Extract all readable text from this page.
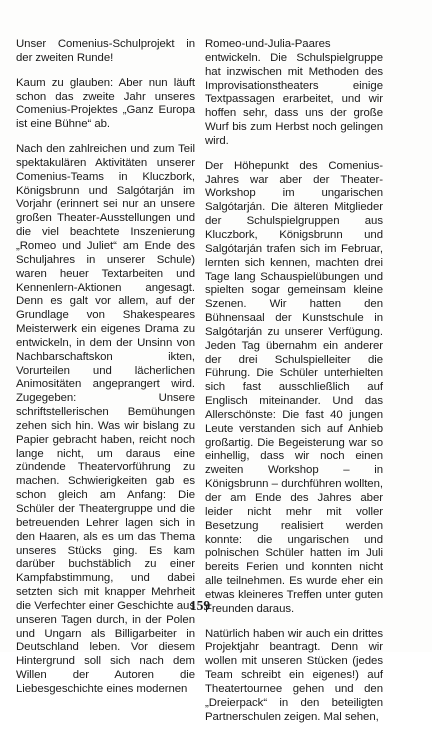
Unser Comenius-Schulprojekt in der zweiten Runde!

Kaum zu glauben: Aber nun läuft schon das zweite Jahr unseres Comenius-Projektes „Ganz Europa ist eine Bühne“ ab.

Nach den zahlreichen und zum Teil spektakulären Aktivitäten unserer Comenius-Teams in Kluczbork, Königsbrunn und Salgótarján im Vorjahr (erinnert sei nur an unsere großen Theater-Ausstellungen und die viel beachtete Inszenierung „Romeo und Juliet“ am Ende des Schuljahres in unserer Schule) waren heuer Textarbeiten und Kennenlern-Aktionen angesagt. Denn es galt vor allem, auf der Grundlage von Shakespeares Meisterwerk ein eigenes Drama zu entwickeln, in dem der Unsinn von Nachbarschaftskon ikten, Vorurteilen und lächerlichen Animositäten angeprangert wird. Zugegeben: Unsere schriftstellerischen Bemühungen zehen sich hin. Was wir bislang zu Papier gebracht haben, reicht noch lange nicht, um daraus eine zündende Theatervorführung zu machen. Schwierigkeiten gab es schon gleich am Anfang: Die Schüler der Theatergruppe und die betreuenden Lehrer lagen sich in den Haaren, als es um das Thema unseres Stücks ging. Es kam darüber buchstäblich zu einer Kampfabstimmung, und dabei setzten sich mit knapper Mehrheit die Verfechter einer Geschichte aus unseren Tagen durch, in der Polen und Ungarn als Billigarbeiter in Deutschland leben. Vor diesem Hintergrund soll sich nach dem Willen der Autoren die Liebesgeschichte eines modernen

Romeo-und-Julia-Paares entwickeln. Die Schulspielgruppe hat inzwischen mit Methoden des Improvisationstheaters einige Textpassagen erarbeitet, und wir hoffen sehr, dass uns der große Wurf bis zum Herbst noch gelingen wird.

Der Höhepunkt des Comenius-Jahres war aber der Theater-Workshop im ungarischen Salgótarján. Die älteren Mitglieder der Schulspielgruppen aus Kluczbork, Königsbrunn und Salgótarján trafen sich im Februar, lernten sich kennen, machten drei Tage lang Schauspielübungen und spielten sogar gemeinsam kleine Szenen. Wir hatten den Bühnensaal der Kunstschule in Salgótarján zu unserer Verfügung. Jeden Tag übernahm ein anderer der drei Schulspielleiter die Führung. Die Schüler unterhielten sich fast ausschließlich auf Englisch miteinander. Und das Allerschönste: Die fast 40 jungen Leute verstanden sich auf Anhieb großartig. Die Begeisterung war so einhellig, dass wir noch einen zweiten Workshop – in Königsbrunn – durchführen wollten, der am Ende des Jahres aber leider nicht mehr mit voller Besetzung realisiert werden konnte: die ungarischen und polnischen Schüler hatten im Juli bereits Ferien und konnten nicht alle teilnehmen. Es wurde eher ein etwas kleineres Treffen unter guten Freunden daraus.

Natürlich haben wir auch ein drittes Projektjahr beantragt. Denn wir wollen mit unseren Stücken (jedes Team schreibt ein eigenes!) auf Theatertournee gehen und den „Dreierpack“ in den beteiligten Partnerschulen zeigen. Mal sehen,

159
